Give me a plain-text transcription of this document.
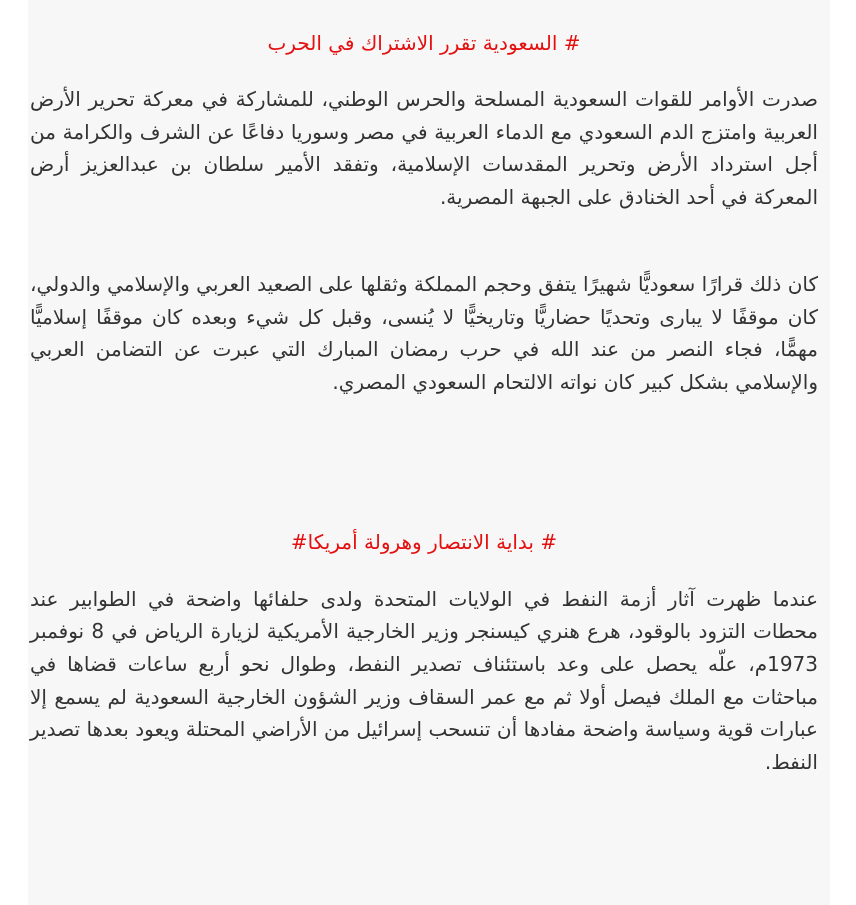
# السعودية تقرر الاشتراك في الحرب

صدرت الأوامر للقوات السعودية المسلحة والحرس الوطني، للمشاركة في معركة تحرير الأرض العربية وامتزج الدم السعودي مع الدماء العربية في مصر وسوريا دفاعًا عن الشرف والكرامة من أجل استرداد الأرض وتحرير المقدسات الإسلامية، وتفقد الأمير سلطان بن عبدالعزيز أرض المعركة في أحد الخنادق على الجبهة المصرية.

كان ذلك قرارًا سعوديًّا شهيرًا يتفق وحجم المملكة وثقلها على الصعيد العربي والإسلامي والدولي، كان موقفًا لا يبارى وتحديًا حضاريًّا وتاريخيًّا لا يُنسى، وقبل كل شيء وبعده كان موقفًا إسلاميًّا مهمًّا، فجاء النصر من عند الله في حرب رمضان المبارك التي عبرت عن التضامن العربي والإسلامي بشكل كبير كان نواته الالتحام السعودي المصري.

# بداية الانتصار وهرولة أمريكا#

عندما ظهرت آثار أزمة النفط في الولايات المتحدة ولدى حلفائها واضحة في الطوابير عند محطات التزود بالوقود، هرع هنري كيسنجر وزير الخارجية الأمريكية لزيارة الرياض في 8 نوفمبر 1973م، علّه يحصل على وعد باستئناف تصدير النفط، وطوال نحو أربع ساعات قضاها في مباحثات مع الملك فيصل أولا ثم مع عمر السقاف وزير الشؤون الخارجية السعودية لم يسمع إلا عبارات قوية وسياسة واضحة مفادها أن تنسحب إسرائيل من الأراضي المحتلة ويعود بعدها تصدير النفط.
